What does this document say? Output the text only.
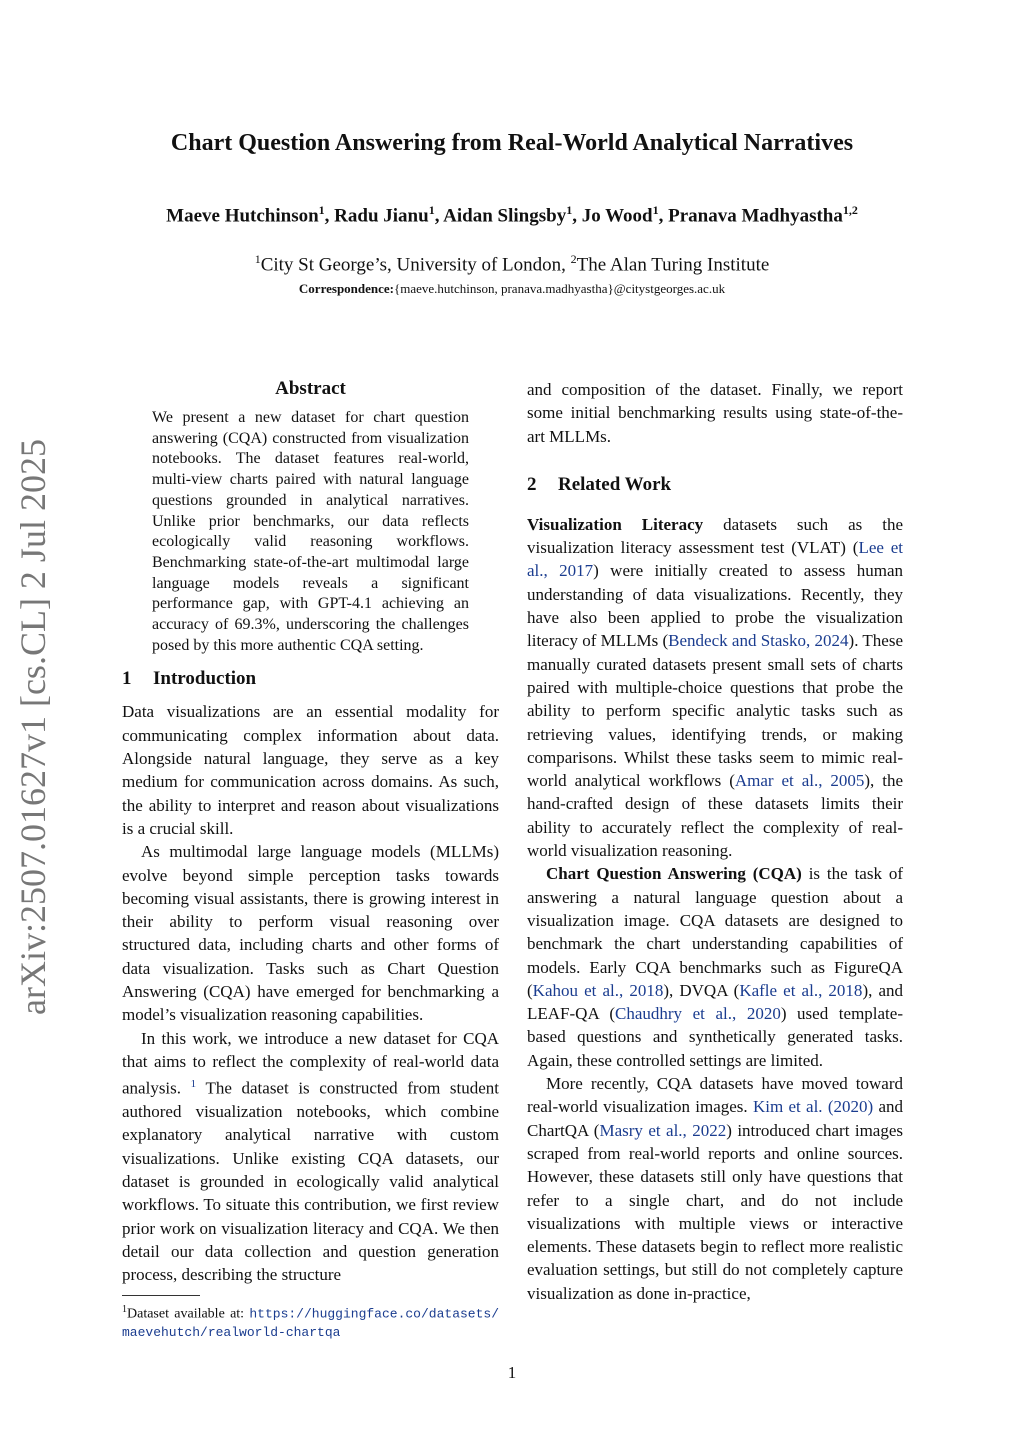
arXiv:2507.01627v1 [cs.CL] 2 Jul 2025
Chart Question Answering from Real-World Analytical Narratives
Maeve Hutchinson$^1$, Radu Jianu$^1$, Aidan Slingsby$^1$, Jo Wood$^1$, Pranava Madhyastha$^{1,2}$
$^1$City St George’s, University of London, $^2$The Alan Turing Institute
Correspondence:{maeve.hutchinson, pranava.madhyastha}@citystgeorges.ac.uk

Abstract

We present a new dataset for chart question answering (CQA) constructed from visualization notebooks. The dataset features real-world, multi-view charts paired with natural language questions grounded in analytical narratives. Unlike prior benchmarks, our data reflects ecologically valid reasoning workflows. Benchmarking state-of-the-art multimodal large language models reveals a significant performance gap, with GPT-4.1 achieving an accuracy of 69.3%, underscoring the challenges posed by this more authentic CQA setting.

1 Introduction

Data visualizations are an essential modality for communicating complex information about data. Alongside natural language, they serve as a key medium for communication across domains. As such, the ability to interpret and reason about visualizations is a crucial skill.

As multimodal large language models (MLLMs) evolve beyond simple perception tasks towards becoming visual assistants, there is growing interest in their ability to perform visual reasoning over structured data, including charts and other forms of data visualization. Tasks such as Chart Question Answering (CQA) have emerged for benchmarking a model’s visualization reasoning capabilities.

In this work, we introduce a new dataset for CQA that aims to reflect the complexity of real-world data analysis. $^1$ The dataset is constructed from student authored visualization notebooks, which combine explanatory analytical narrative with custom visualizations. Unlike existing CQA datasets, our dataset is grounded in ecologically valid analytical workflows. To situate this contribution, we first review prior work on visualization literacy and CQA. We then detail our data collection and question generation process, describing the structure

$^1$Dataset available at: https://huggingface.co/datasets/maevehutch/realworld-chartqa

and composition of the dataset. Finally, we report some initial benchmarking results using state-of-the-art MLLMs.

2 Related Work

Visualization Literacy datasets such as the visualization literacy assessment test (VLAT) (Lee et al., 2017) were initially created to assess human understanding of data visualizations. Recently, they have also been applied to probe the visualization literacy of MLLMs (Bendeck and Stasko, 2024). These manually curated datasets present small sets of charts paired with multiple-choice questions that probe the ability to perform specific analytic tasks such as retrieving values, identifying trends, or making comparisons. Whilst these tasks seem to mimic real-world analytical workflows (Amar et al., 2005), the hand-crafted design of these datasets limits their ability to accurately reflect the complexity of real-world visualization reasoning.

Chart Question Answering (CQA) is the task of answering a natural language question about a visualization image. CQA datasets are designed to benchmark the chart understanding capabilities of models. Early CQA benchmarks such as FigureQA (Kahou et al., 2018), DVQA (Kafle et al., 2018), and LEAF-QA (Chaudhry et al., 2020) used template-based questions and synthetically generated tasks. Again, these controlled settings are limited.

More recently, CQA datasets have moved toward real-world visualization images. Kim et al. (2020) and ChartQA (Masry et al., 2022) introduced chart images scraped from real-world reports and online sources. However, these datasets still only have questions that refer to a single chart, and do not include visualizations with multiple views or interactive elements. These datasets begin to reflect more realistic evaluation settings, but still do not completely capture visualization as done in-practice,

1
